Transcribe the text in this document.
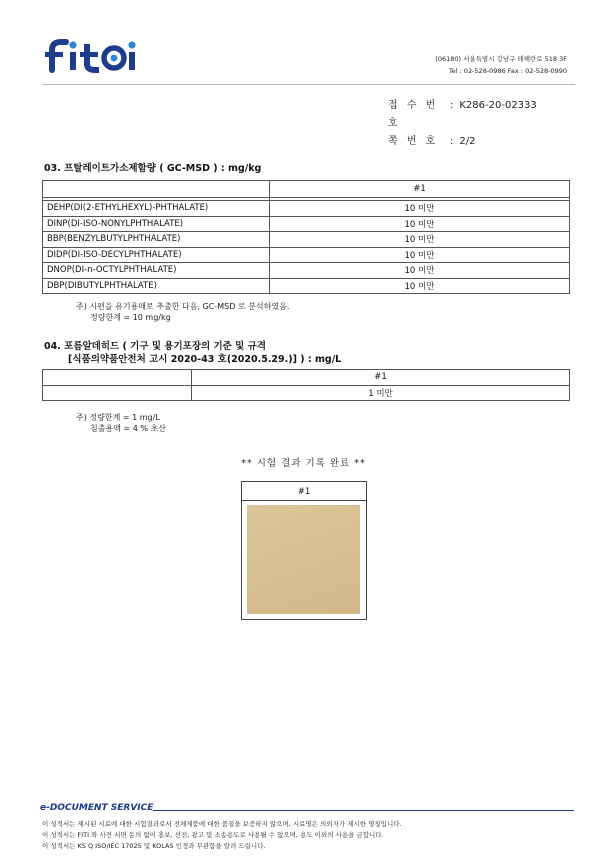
(06180) 서울특별시 강남구 테헤란로 518 3F
Tel : 02-528-0986 Fax : 02-528-0990
접 수 번 호
: K286-20-02333
쪽 번 호	: 2/2
03. 프탈레이트가소제함량 ( GC-MSD ) : mg/kg
	#1

DEHP(DI(2-ETHYLHEXYL)-PHTHALATE)	10 미만
DINP(DI-ISO-NONYLPHTHALATE)	10 미만
BBP(BENZYLBUTYLPHTHALATE)	10 미만
DIDP(DI-ISO-DECYLPHTHALATE)	10 미만
DNOP(DI-n-OCTYLPHTHALATE)	10 미만
DBP(DIBUTYLPHTHALATE)	10 미만
주) 시편을 유기용매로 추출한 다음, GC-MSD 로 분석하였음.
정량한계 = 10 mg/kg
04. 포름알데히드 ( 기구 및 용기포장의 기준 및 규격
[식품의약품안전처 고시 2020-43 호(2020.5.29.)] ) : mg/L
	#1
	1 미만
주) 정량한계 = 1 mg/L
침출용액 = 4 % 초산
** 시험 결과 기록 완료 **
#1
e-DOCUMENT SERVICE
이 성적서는 제시된 시료에 대한 시험결과로서 전체제품에 대한 품질을 보증하지 않으며, 시료명은 의뢰자가 제시한 명칭입니다.
이 성적서는 FITI 와 사전 서면 동의 없이 홍보, 선전, 광고 및 소송용도로 사용될 수 없으며, 용도 이외의 사용을 금합니다.
이 성적서는 KS Q ISO/IEC 17025 및 KOLAS 인정과 무관함을 알려 드립니다.
